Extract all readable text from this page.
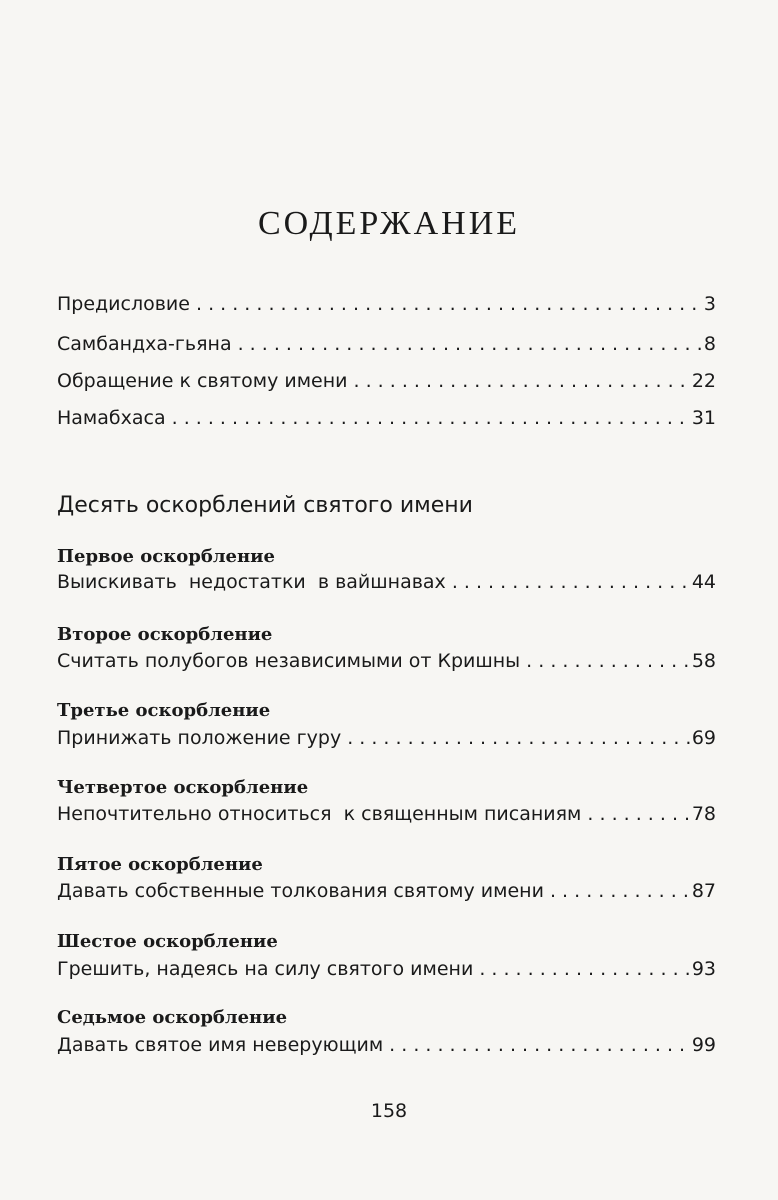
СОДЕРЖАНИЕ
Предисловие . . .	3
Самбандха-гьяна . . .	8
Обращение к святому имени . . .	22
Намабхаса . . .	31
Десять оскорблений святого имени
Первое оскорбление
Выискивать  недостатки  в вайшнавах . . .	44
Второе оскорбление
Считать полубогов независимыми от Кришны . . .	58
Третье оскорбление
Принижать положение гуру . . .	69
Четвертое оскорбление
Непочтительно относиться  к священным писаниям . . .	78
Пятое оскорбление
Давать собственные толкования святому имени . . .	87
Шестое оскорбление
Грешить, надеясь на силу святого имени . . .	93
Седьмое оскорбление
Давать святое имя неверующим . . .	99
158
